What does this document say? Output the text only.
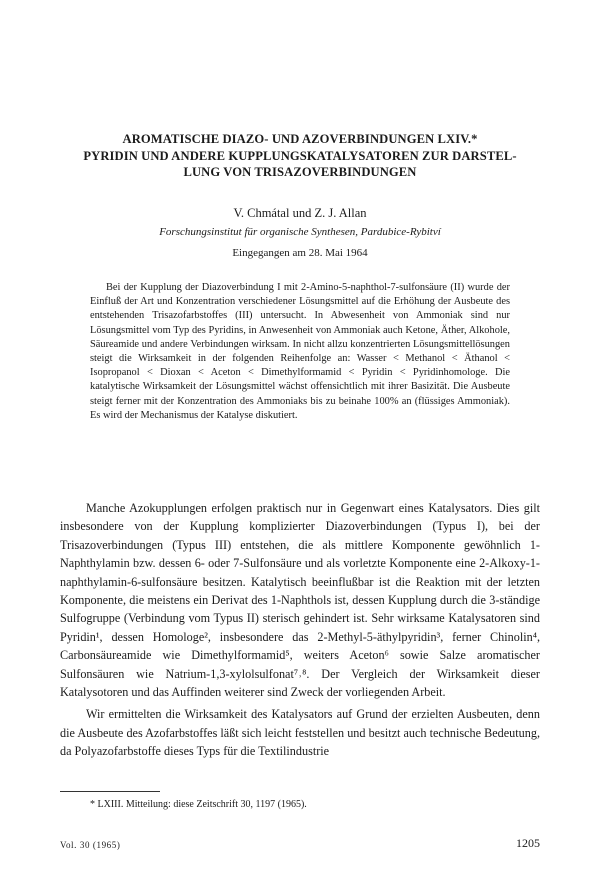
AROMATISCHE DIAZO- UND AZOVERBINDUNGEN LXIV.*
PYRIDIN UND ANDERE KUPPLUNGSKATALYSATOREN ZUR DARSTEL-
LUNG VON TRISAZOVERBINDUNGEN

V. Chmátal und Z. J. Allan

Forschungsinstitut für organische Synthesen, Pardubice-Rybitví

Eingegangen am 28. Mai 1964

Bei der Kupplung der Diazoverbindung I mit 2-Amino-5-naphthol-7-sulfonsäure (II) wurde der Einfluß der Art und Konzentration verschiedener Lösungsmittel auf die Erhöhung der Ausbeute des entstehenden Trisazofarbstoffes (III) untersucht. In Abwesenheit von Ammoniak sind nur Lösungsmittel vom Typ des Pyridins, in Anwesenheit von Ammoniak auch Ketone, Äther, Alkohole, Säureamide und andere Verbindungen wirksam. In nicht allzu konzentrierten Lösungsmittellösungen steigt die Wirksamkeit in der folgenden Reihenfolge an: Wasser < Methanol < Äthanol < Isopropanol < Dioxan < Aceton < Dimethylformamid < Pyridin < Pyridinhomologe. Die katalytische Wirksamkeit der Lösungsmittel wächst offensichtlich mit ihrer Basizität. Die Ausbeute steigt ferner mit der Konzentration des Ammoniaks bis zu beinahe 100% an (flüssiges Ammoniak). Es wird der Mechanismus der Katalyse diskutiert.

Manche Azokupplungen erfolgen praktisch nur in Gegenwart eines Katalysators. Dies gilt insbesondere von der Kupplung komplizierter Diazoverbindungen (Typus I), bei der Trisazoverbindungen (Typus III) entstehen, die als mittlere Komponente gewöhnlich 1-Naphthylamin bzw. dessen 6- oder 7-Sulfonsäure und als vorletzte Komponente eine 2-Alkoxy-1-naphthylamin-6-sulfonsäure besitzen. Katalytisch beeinflußbar ist die Reaktion mit der letzten Komponente, die meistens ein Derivat des 1-Naphthols ist, dessen Kupplung durch die 3-ständige Sulfogruppe (Verbindung vom Typus II) sterisch gehindert ist. Sehr wirksame Katalysatoren sind Pyridin¹, dessen Homologe², insbesondere das 2-Methyl-5-äthylpyridin³, ferner Chinolin⁴, Carbonsäureamide wie Dimethylformamid⁵, weiters Aceton⁶ sowie Salze aromatischer Sulfonsäuren wie Natrium-1,3-xylolsulfonat⁷˒⁸. Der Vergleich der Wirksamkeit dieser Katalysotoren und das Auffinden weiterer sind Zweck der vorliegenden Arbeit.

Wir ermittelten die Wirksamkeit des Katalysators auf Grund der erzielten Ausbeuten, denn die Ausbeute des Azofarbstoffes läßt sich leicht feststellen und besitzt auch technische Bedeutung, da Polyazofarbstoffe dieses Typs für die Textilindustrie

* LXIII. Mitteilung: diese Zeitschrift 30, 1197 (1965).

Vol. 30 (1965)	1205
